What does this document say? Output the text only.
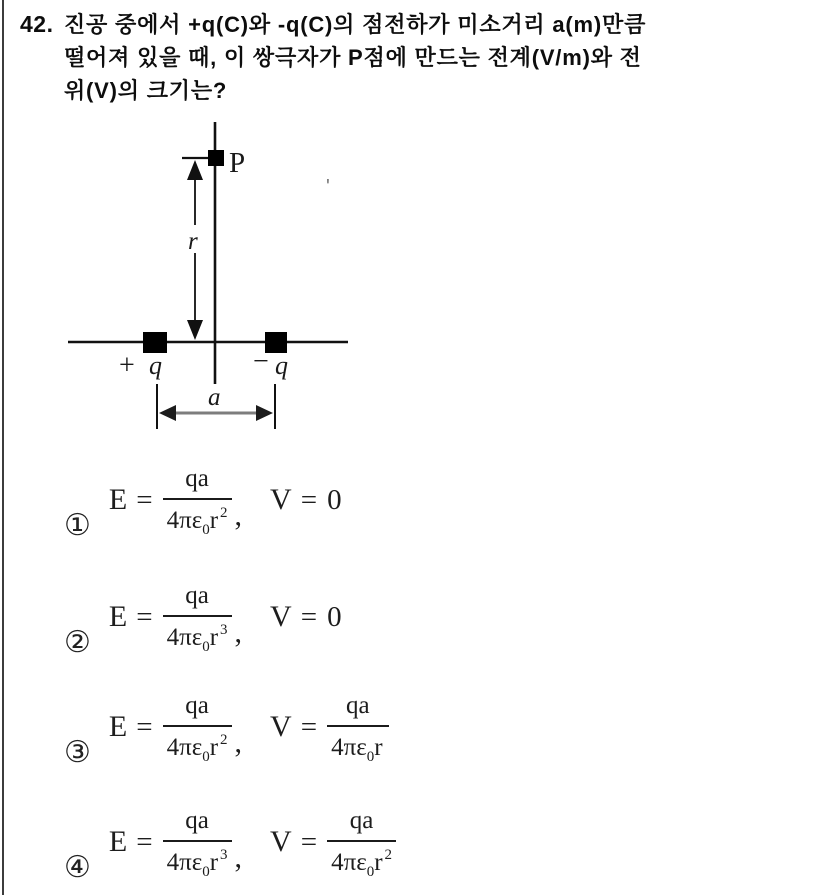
42. 진공 중에서 +q(C)와 -q(C)의 점전하가 미소거리 a(m)만큼
떨어져 있을 때, 이 쌍극자가 P점에 만드는 전계(V/m)와 전
위(V)의 크기는?
P
'
r
+ q	− q
a
①
$E = \frac{qa}{4\pi\varepsilon_0r ^2}$ , V = 0
②
$E = \frac{qa}{4\pi\varepsilon_0r ^3}$ , V = 0
③
$E = \frac{qa}{4\pi\varepsilon_0r ^2}$ , $V = \frac{qa}{4\pi\varepsilon_0r}$
④
$E = \frac{qa}{4\pi\varepsilon_0r ^3}$ , $V = \frac{qa}{4\pi\varepsilon_0r ^2}$
